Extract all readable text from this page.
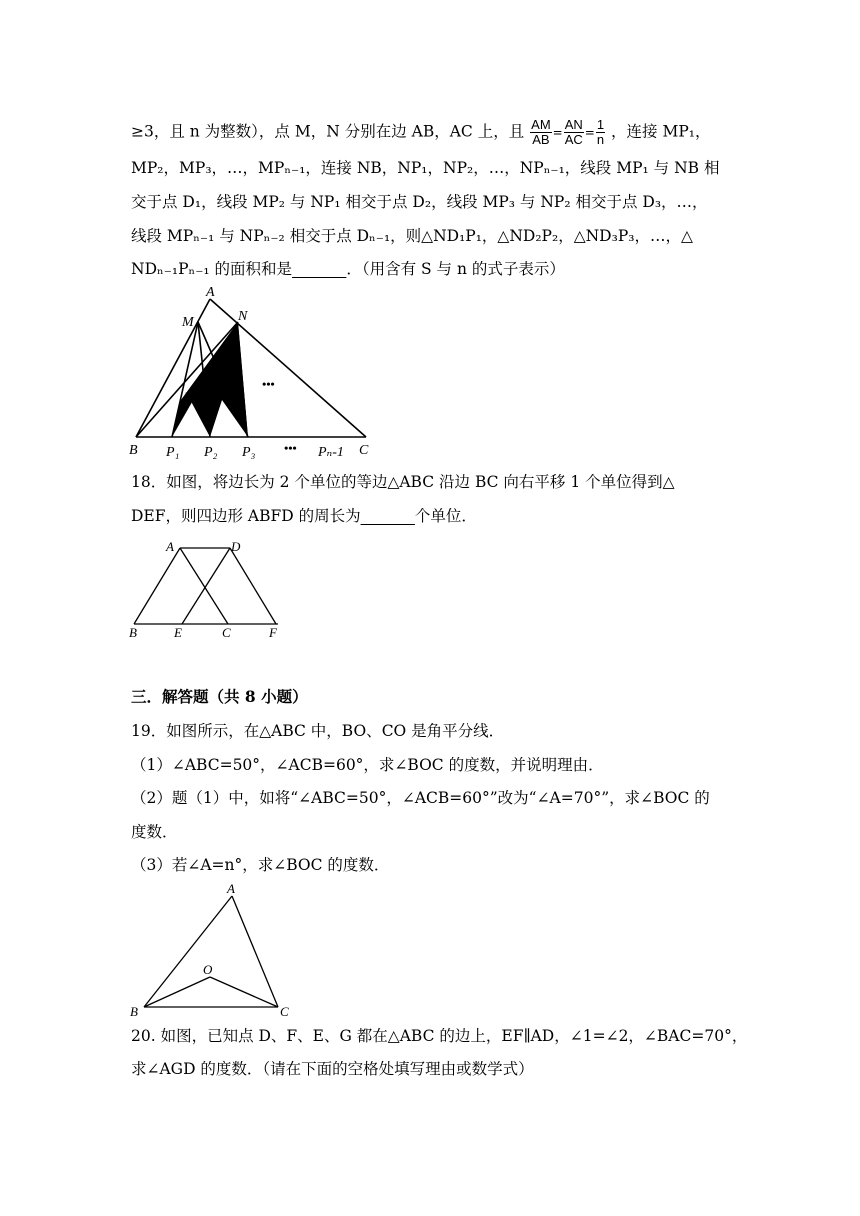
≥3，且 n 为整数），点 M，N 分别在边 AB，AC 上，且 $\frac{AM}{AB} = \frac{AN}{AC} = \frac{1}{n}$ ，连接 MP₁，
MP₂，MP₃，…，MPₙ₋₁，连接 NB，NP₁，NP₂，…，NPₙ₋₁，线段 MP₁ 与 NB 相
交于点 D₁，线段 MP₂ 与 NP₁ 相交于点 D₂，线段 MP₃ 与 NP₂ 相交于点 D₃，…，
线段 MPₙ₋₁ 与 NPₙ₋₂ 相交于点 Dₙ₋₁，则△ND₁P₁，△ND₂P₂，△ND₃P₃，…，△
NDₙ₋₁Pₙ₋₁ 的面积和是_______．（用含有 S 与 n 的式子表示）
A
M	N
•••
B P₁ P₂ P₃ ••• Pₙ-1 C
18．如图，将边长为 2 个单位的等边△ABC 沿边 BC 向右平移 1 个单位得到△
DEF，则四边形 ABFD 的周长为_______个单位．
A	D
B	E	C	F
三．解答题（共 8 小题）
19．如图所示，在△ABC 中，BO、CO 是角平分线．
（1）∠ABC=50°，∠ACB=60°，求∠BOC 的度数，并说明理由．
（2）题（1）中，如将“∠ABC=50°，∠ACB=60°”改为“∠A=70°”，求∠BOC 的
度数．
（3）若∠A=n°，求∠BOC 的度数．
A
O
B	C
20. 如图，已知点 D、F、E、G 都在△ABC 的边上，EF∥AD，∠1=∠2，∠BAC=70°，
求∠AGD 的度数．（请在下面的空格处填写理由或数学式）
